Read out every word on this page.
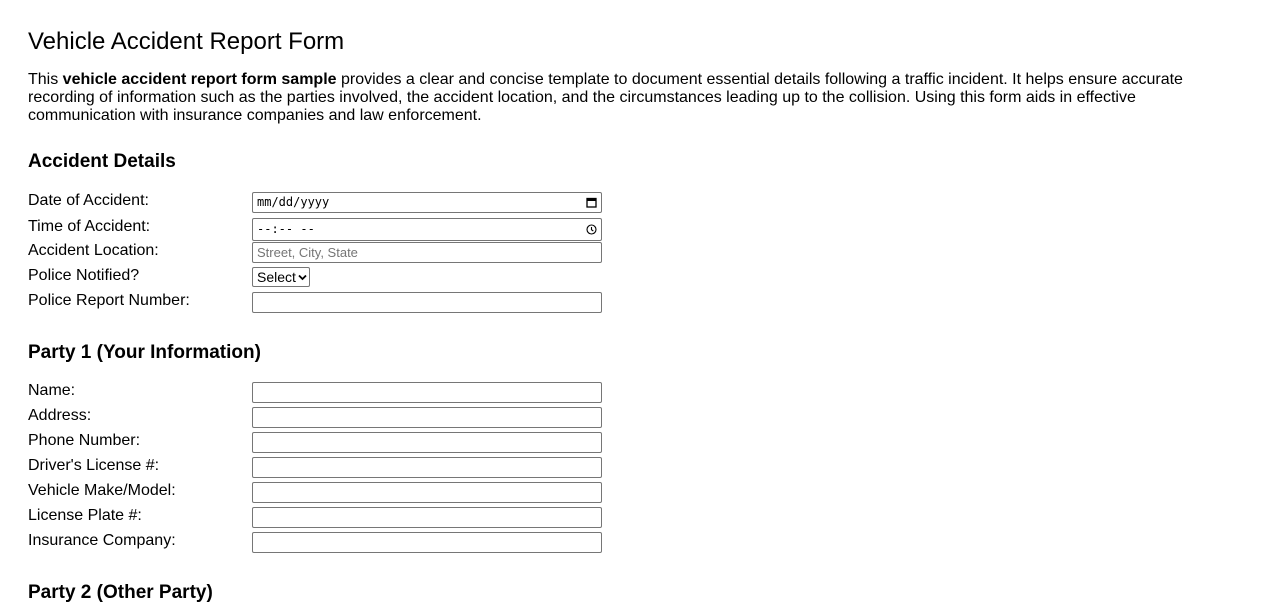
Vehicle Accident Report Form

This vehicle accident report form sample provides a clear and concise template to document essential details following a traffic incident. It helps ensure accurate recording of information such as the parties involved, the accident location, and the circumstances leading up to the collision. Using this form aids in effective communication with insurance companies and law enforcement.

Accident Details
Date of Accident:	mm/dd/yyyy
Time of Accident:	--:-- --
Accident Location:	Street, City, State
Police Notified?	Select
Police Report Number:
Party 1 (Your Information)
Name:
Address:
Phone Number:
Driver's License #:
Vehicle Make/Model:
License Plate #:
Insurance Company:
Party 2 (Other Party)
